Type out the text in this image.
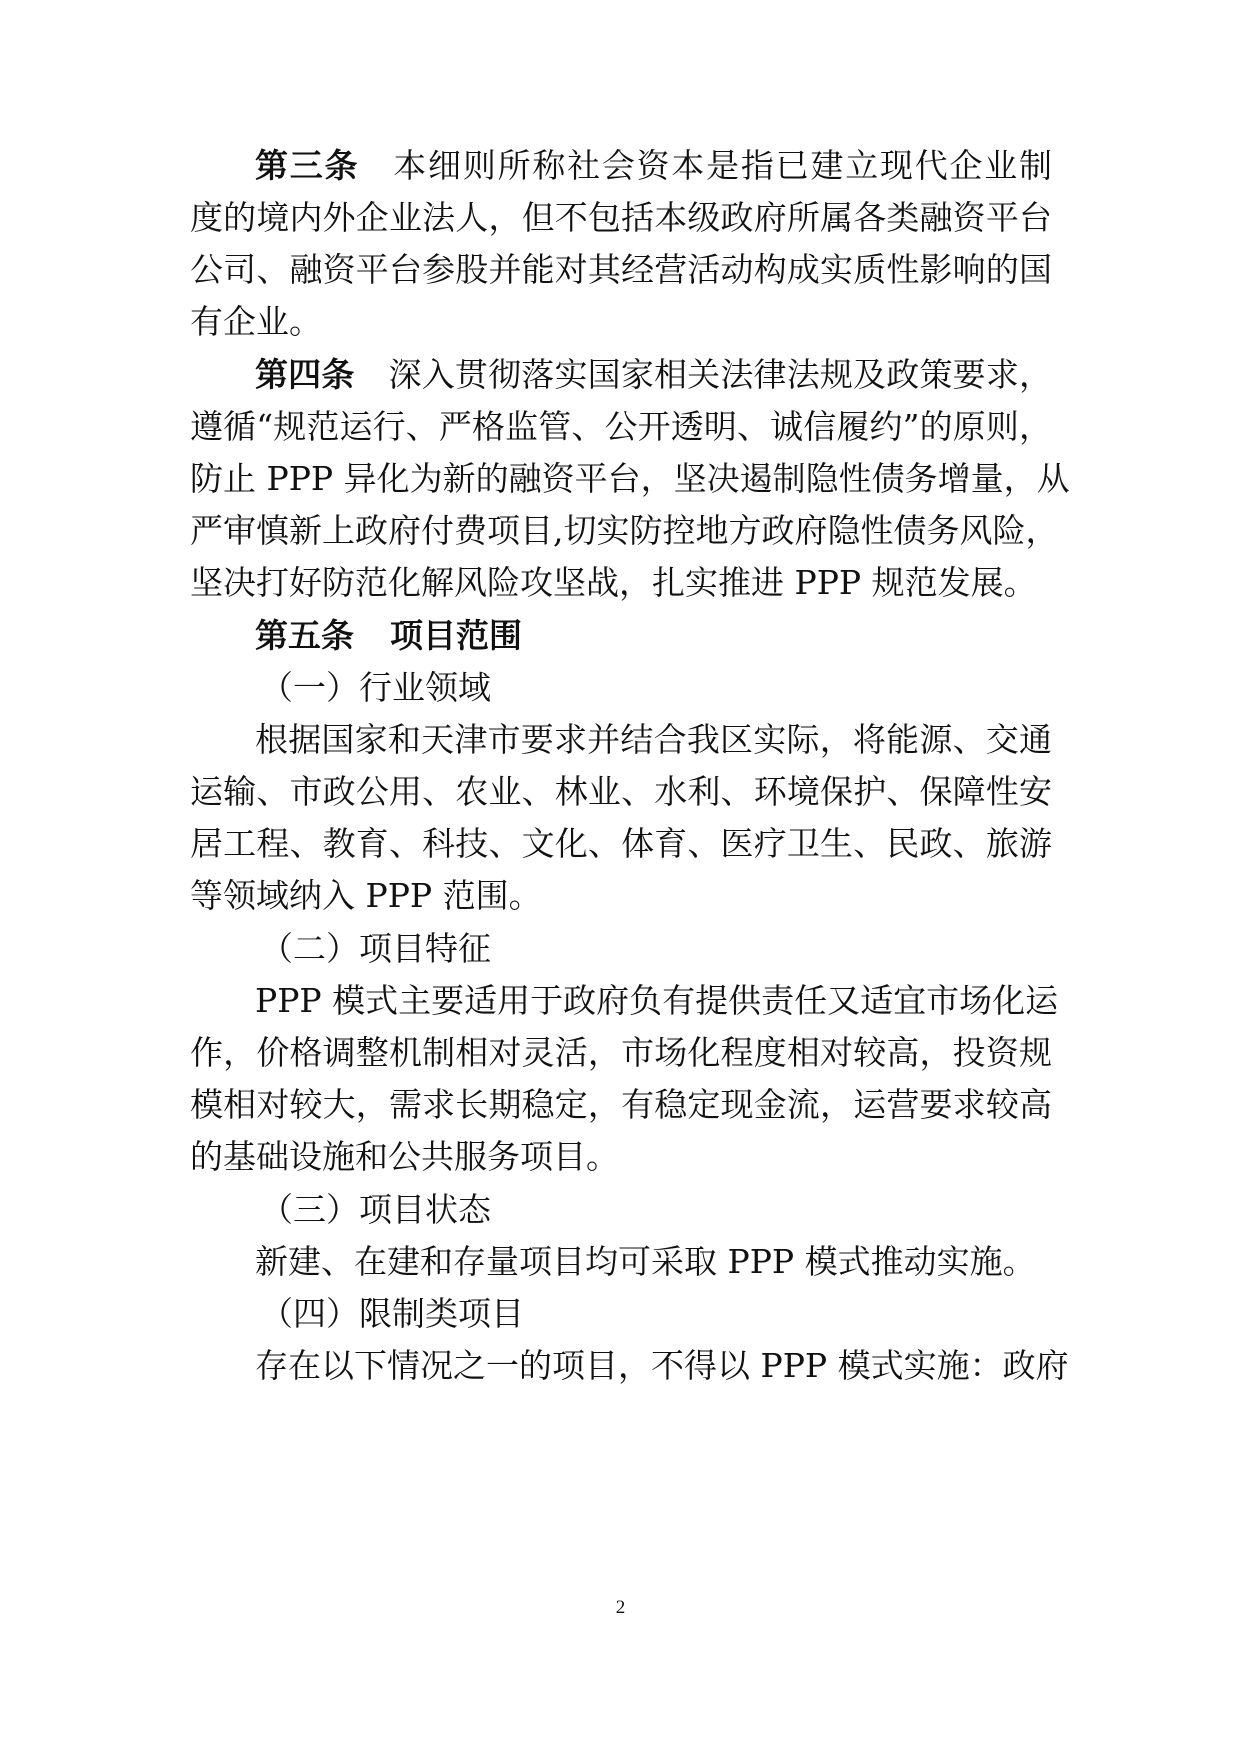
第三条 本细则所称社会资本是指已建立现代企业制
度的境内外企业法人，但不包括本级政府所属各类融资平台
公司、融资平台参股并能对其经营活动构成实质性影响的国
有企业。
第四条 深入贯彻落实国家相关法律法规及政策要求，
遵循“规范运行、严格监管、公开透明、诚信履约”的原则，
防止 PPP 异化为新的融资平台，坚决遏制隐性债务增量，从
严审慎新上政府付费项目,切实防控地方政府隐性债务风险，
坚决打好防范化解风险攻坚战，扎实推进 PPP 规范发展。
第五条 项目范围
（一）行业领域
根据国家和天津市要求并结合我区实际，将能源、交通
运输、市政公用、农业、林业、水利、环境保护、保障性安
居工程、教育、科技、文化、体育、医疗卫生、民政、旅游
等领域纳入 PPP 范围。
（二）项目特征
PPP 模式主要适用于政府负有提供责任又适宜市场化运
作，价格调整机制相对灵活，市场化程度相对较高，投资规
模相对较大，需求长期稳定，有稳定现金流，运营要求较高
的基础设施和公共服务项目。
（三）项目状态
新建、在建和存量项目均可采取 PPP 模式推动实施。
（四）限制类项目
存在以下情况之一的项目，不得以 PPP 模式实施：政府
2
